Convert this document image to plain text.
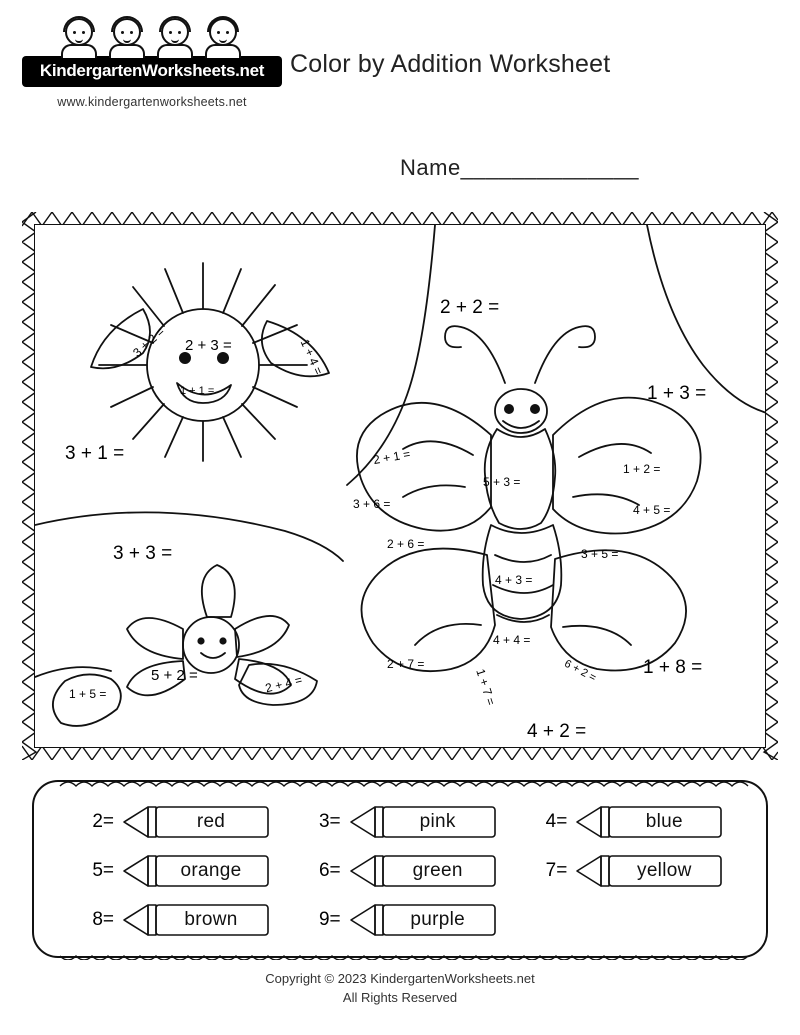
KindergartenWorksheets.net
www.kindergartenworksheets.net
Color by Addition Worksheet
Name______________
3 + 2 = 2 + 3 =	1 + 4 =
1 + 1 =
2 + 2 =
3 + 1 =
1 + 3 =
3 + 3 =
1 + 8 =
4 + 2 =
2 + 1 =
3 + 6 =
2 + 6 =
5 + 3 =
4 + 3 =
4 + 4 =
1 + 2 =
4 + 5 =
3 + 5 =
2 + 7 =
1 + 7 =	6 + 2 =
1 + 5 =
5 + 2 =	2 + 4 =
2=	red	3=	pink	4=	blue
5=	orange	6=	green	7=	yellow
8=	brown	9=	purple
Copyright © 2023 KindergartenWorksheets.net
All Rights Reserved
